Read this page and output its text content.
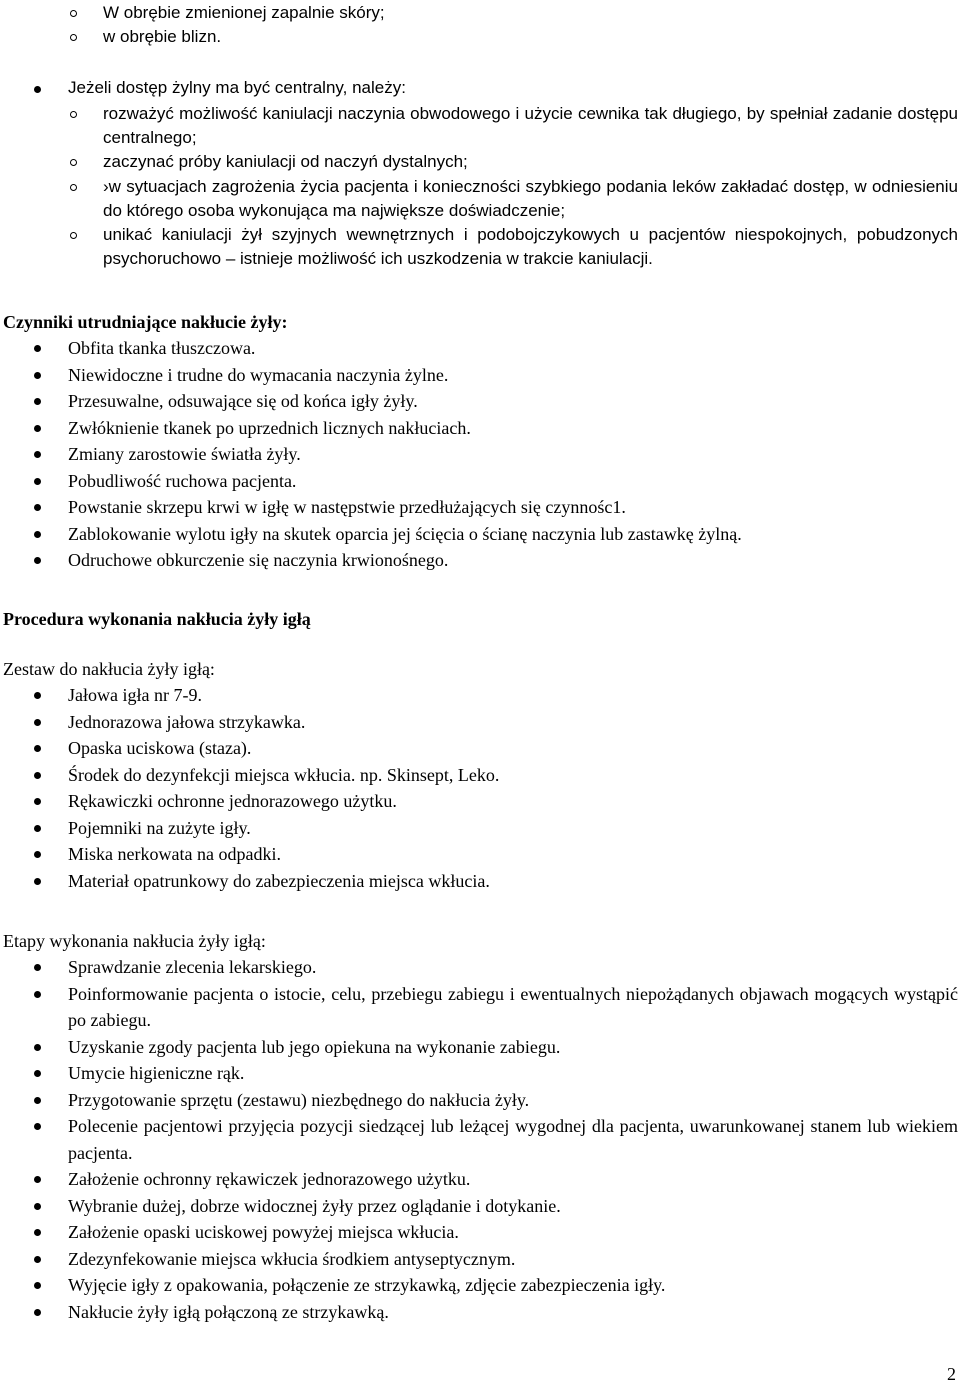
W obrębie zmienionej zapalnie skóry;
w obrębie blizn.
Jeżeli dostęp żylny ma być centralny, należy:
rozważyć możliwość kaniulacji naczynia obwodowego i użycie cewnika tak długiego, by spełniał zadanie dostępu centralnego;
zaczynać próby kaniulacji od naczyń dystalnych;
›w sytuacjach zagrożenia życia pacjenta i konieczności szybkiego podania leków zakładać dostęp, w odniesieniu do którego osoba wykonująca ma największe doświadczenie;
unikać kaniulacji żył szyjnych wewnętrznych i podobojczykowych u pacjentów niespokojnych, pobudzonych psychoruchowo – istnieje możliwość ich uszkodzenia w trakcie kaniulacji.
Czynniki utrudniające nakłucie żyły:
Obfita tkanka tłuszczowa.
Niewidoczne i trudne do wymacania naczynia żylne.
Przesuwalne, odsuwające się od końca igły żyły.
Zwłóknienie tkanek po uprzednich licznych nakłuciach.
Zmiany zarostowie światła żyły.
Pobudliwość ruchowa pacjenta.
Powstanie skrzepu krwi w igłę w następstwie przedłużających się czynnośc1.
Zablokowanie wylotu igły na skutek oparcia jej ścięcia o ścianę naczynia lub zastawkę żylną.
Odruchowe obkurczenie się naczynia krwionośnego.
Procedura wykonania nakłucia żyły igłą
Zestaw do nakłucia żyły igłą:
Jałowa igła nr 7-9.
Jednorazowa jałowa strzykawka.
Opaska uciskowa (staza).
Środek do dezynfekcji miejsca wkłucia. np. Skinsept, Leko.
Rękawiczki ochronne jednorazowego użytku.
Pojemniki na zużyte igły.
Miska nerkowata na odpadki.
Materiał opatrunkowy do zabezpieczenia miejsca wkłucia.
Etapy wykonania nakłucia żyły igłą:
Sprawdzanie zlecenia lekarskiego.
Poinformowanie pacjenta o istocie, celu, przebiegu zabiegu i ewentualnych niepożądanych objawach mogących wystąpić po zabiegu.
Uzyskanie zgody pacjenta lub jego opiekuna na wykonanie zabiegu.
Umycie higieniczne rąk.
Przygotowanie sprzętu (zestawu) niezbędnego do nakłucia żyły.
Polecenie pacjentowi przyjęcia pozycji siedzącej lub leżącej wygodnej dla pacjenta, uwarunkowanej stanem lub wiekiem pacjenta.
Założenie ochronny rękawiczek jednorazowego użytku.
Wybranie dużej, dobrze widocznej żyły przez oglądanie i dotykanie.
Założenie opaski uciskowej powyżej miejsca wkłucia.
Zdezynfekowanie miejsca wkłucia środkiem antyseptycznym.
Wyjęcie igły z opakowania, połączenie ze strzykawką, zdjęcie zabezpieczenia igły.
Nakłucie żyły igłą połączoną ze strzykawką.
2
